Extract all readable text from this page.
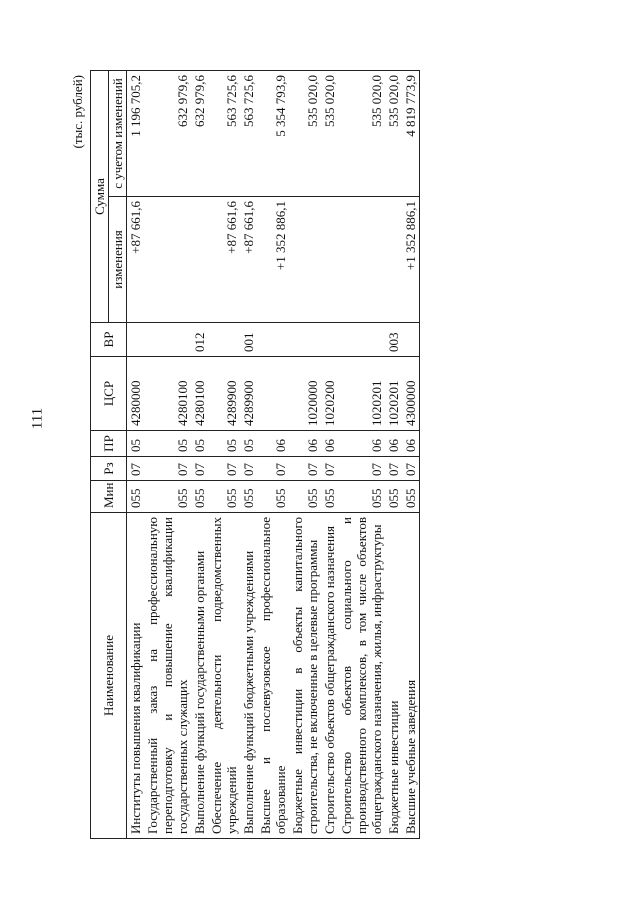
111
(тыс. рублей)
Наименование	Мин	Рз	ПР	ЦСР	ВР	Сумма	
						изменения	с учетом изменений
Институты повышения квалификации	055	07	05	4280000		+87 661,6	1 196 705,2
Государственный заказ на профессиональную переподготовку и повышение квалификации государственных служащих	055	07	05	4280100			632 979,6
Выполнение функций государственными органами	055	07	05	4280100	012		632 979,6
Обеспечение деятельности подведомственных учреждений	055	07	05	4289900		+87 661,6	563 725,6
Выполнение функций бюджетными учреждениями	055	07	05	4289900	001	+87 661,6	563 725,6
Высшее и послевузовское профессиональное образование	055	07	06			+1 352 886,1	5 354 793,9
Бюджетные инвестиции в объекты капитального строительства, не включенные в целевые программы	055	07	06	1020000			535 020,0
Строительство объектов общегражданского назначения	055	07	06	1020200			535 020,0
Строительство объектов социального и производственного комплексов, в том числе объектов общегражданского назначения, жилья, инфраструктуры	055	07	06	1020201			535 020,0
Бюджетные инвестиции	055	07	06	1020201	003		535 020,0
Высшие учебные заведения	055	07	06	4300000		+1 352 886,1	4 819 773,9
